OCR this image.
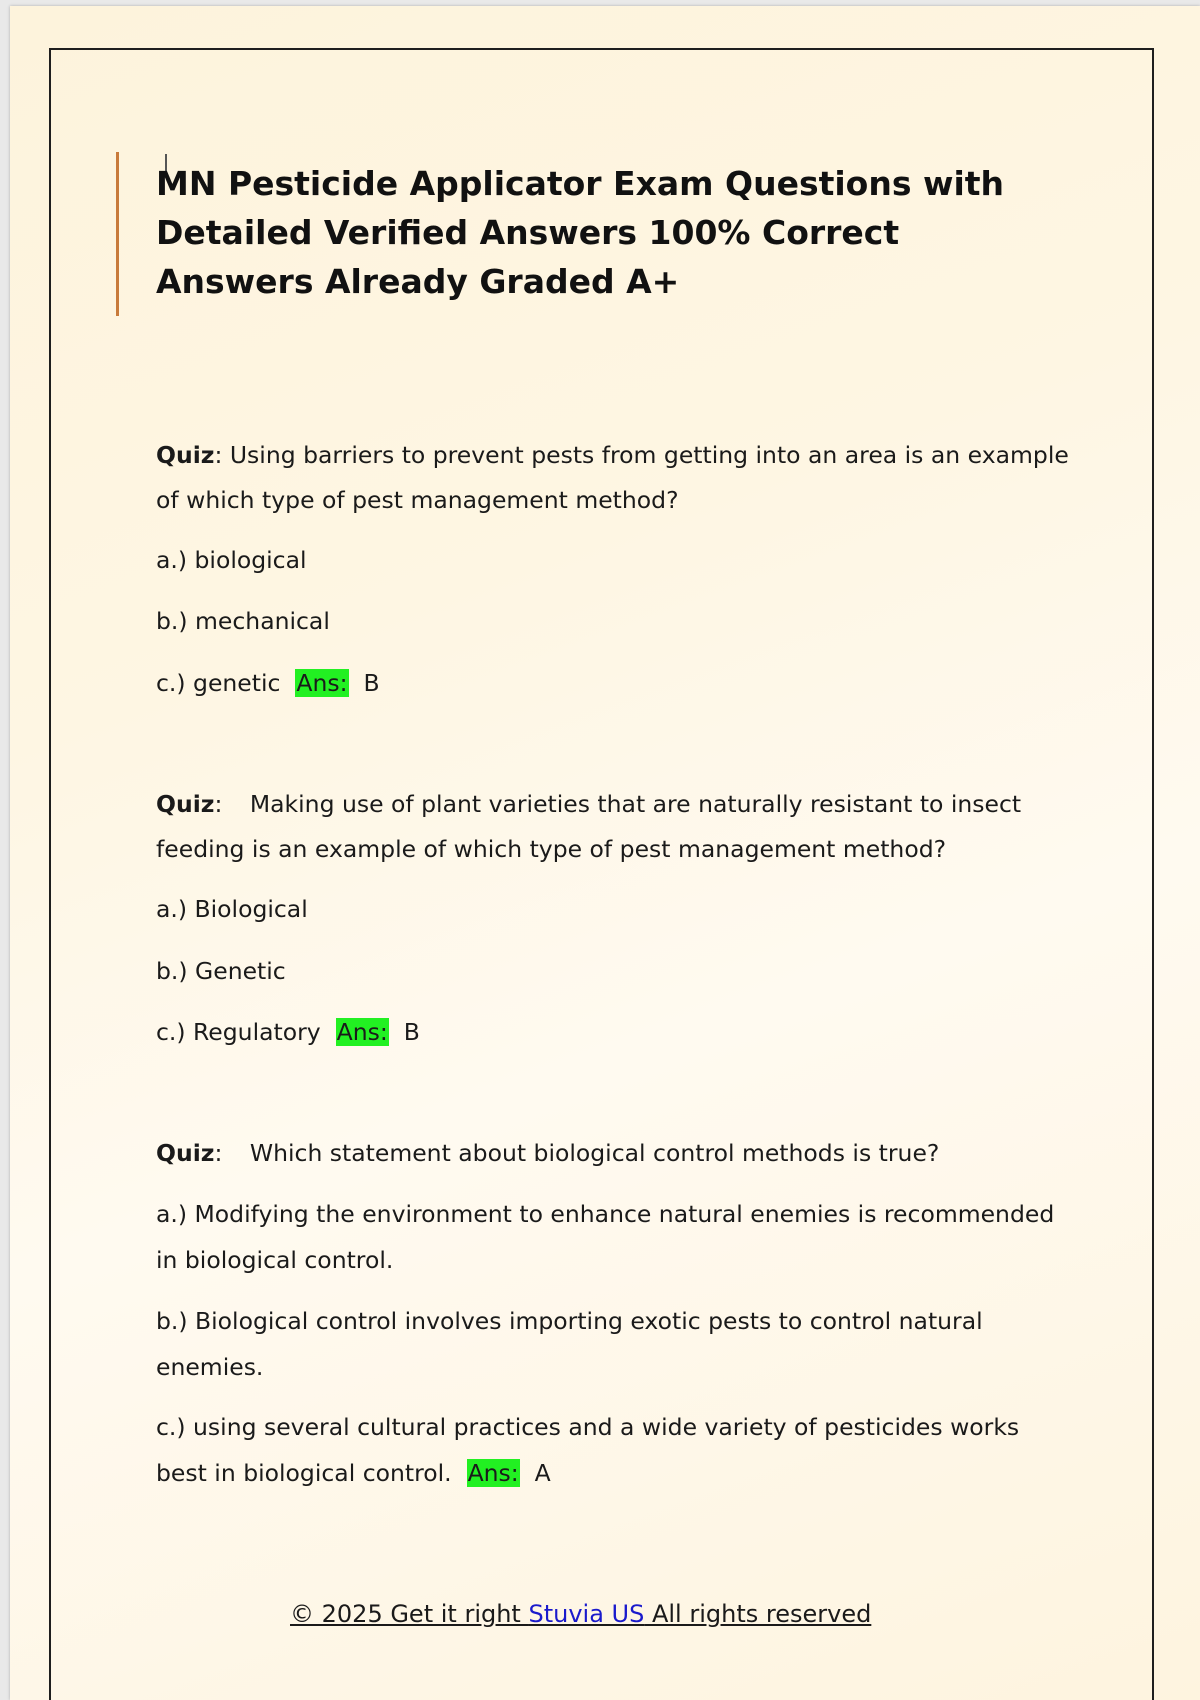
MN Pesticide Applicator Exam Questions with Detailed Verified Answers 100% Correct Answers Already Graded A+

Quiz: Using barriers to prevent pests from getting into an area is an example of which type of pest management method?

a.) biological

b.) mechanical

c.) genetic Ans: B

Quiz: Making use of plant varieties that are naturally resistant to insect feeding is an example of which type of pest management method?

a.) Biological

b.) Genetic

c.) Regulatory Ans: B

Quiz: Which statement about biological control methods is true?

a.) Modifying the environment to enhance natural enemies is recommended in biological control.

b.) Biological control involves importing exotic pests to control natural enemies.

c.) using several cultural practices and a wide variety of pesticides works best in biological control. Ans: A

© 2025 Get it right Stuvia US All rights reserved
